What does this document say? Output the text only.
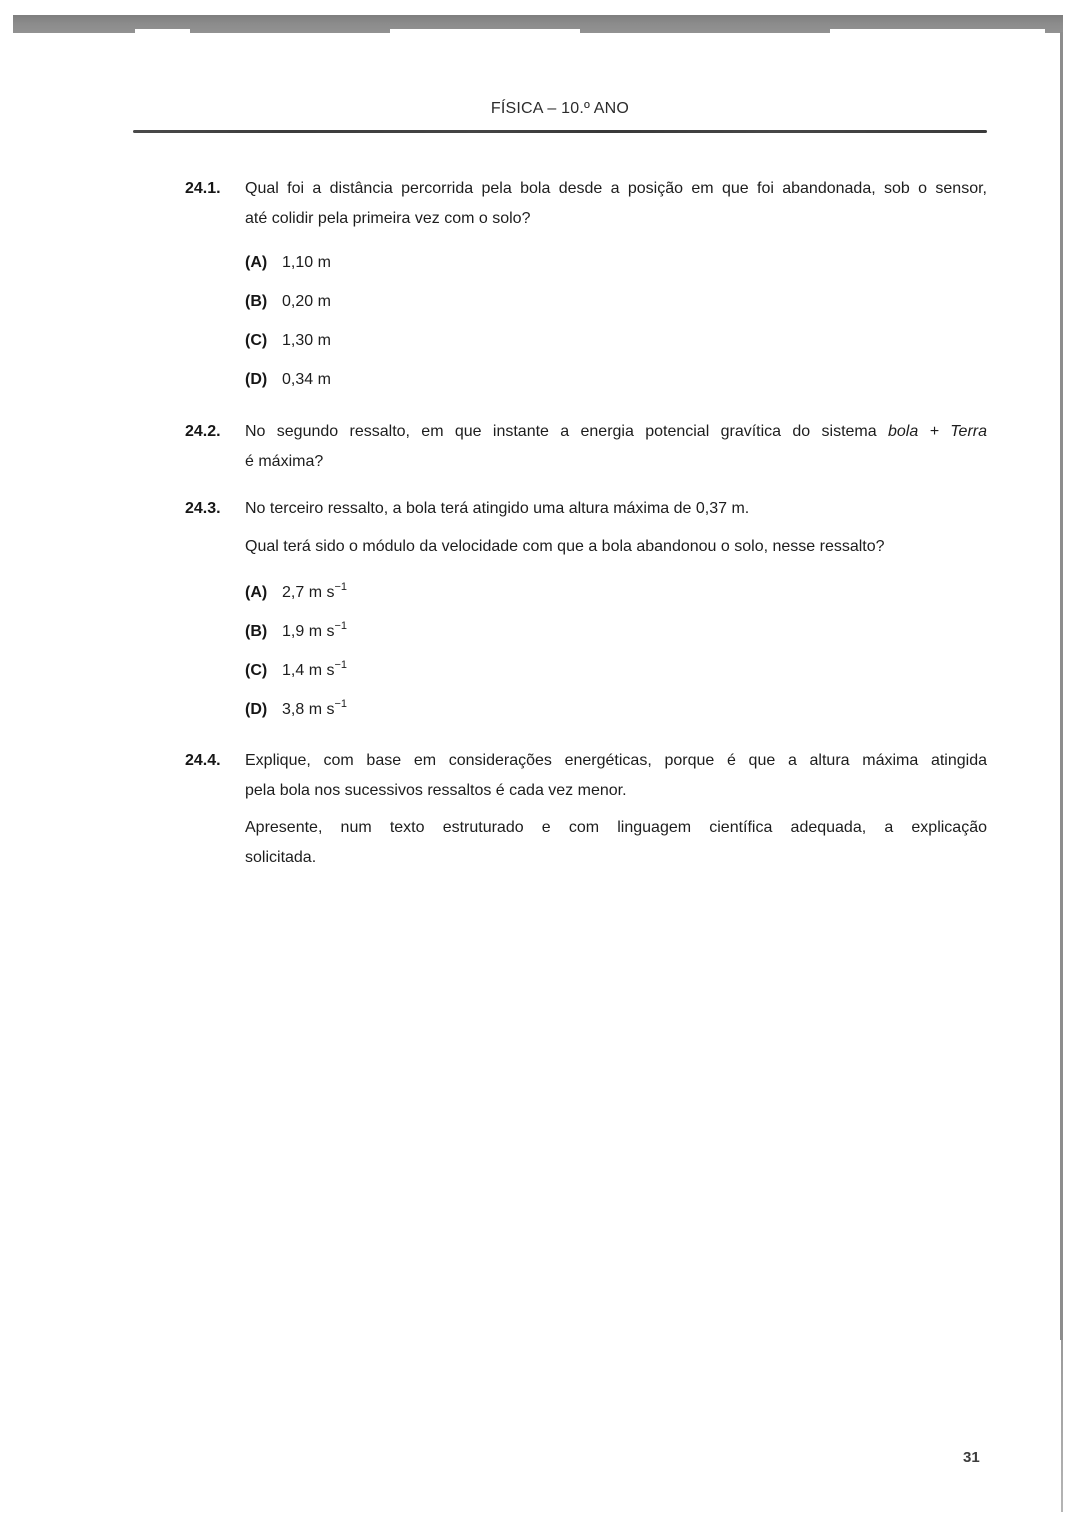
FÍSICA – 10.º ANO
24.1.	Qual foi a distância percorrida pela bola desde a posição em que foi abandonada, sob o sensor,
até colidir pela primeira vez com o solo?
(A) 1,10 m
(B) 0,20 m
(C) 1,30 m
(D) 0,34 m
24.2.	No segundo ressalto, em que instante a energia potencial gravítica do sistema bola + Terra
é máxima?
24.3.	No terceiro ressalto, a bola terá atingido uma altura máxima de 0,37 m.
Qual terá sido o módulo da velocidade com que a bola abandonou o solo, nesse ressalto?
(A) 2,7 m $s^{-1}$
(B) 1,9 m $s^{-1}$
(C) 1,4 m $s^{-1}$
(D) 3,8 m $s^{-1}$
24.4.	Explique, com base em considerações energéticas, porque é que a altura máxima atingida
pela bola nos sucessivos ressaltos é cada vez menor.
Apresente, num texto estruturado e com linguagem científica adequada, a explicação
solicitada.
31
